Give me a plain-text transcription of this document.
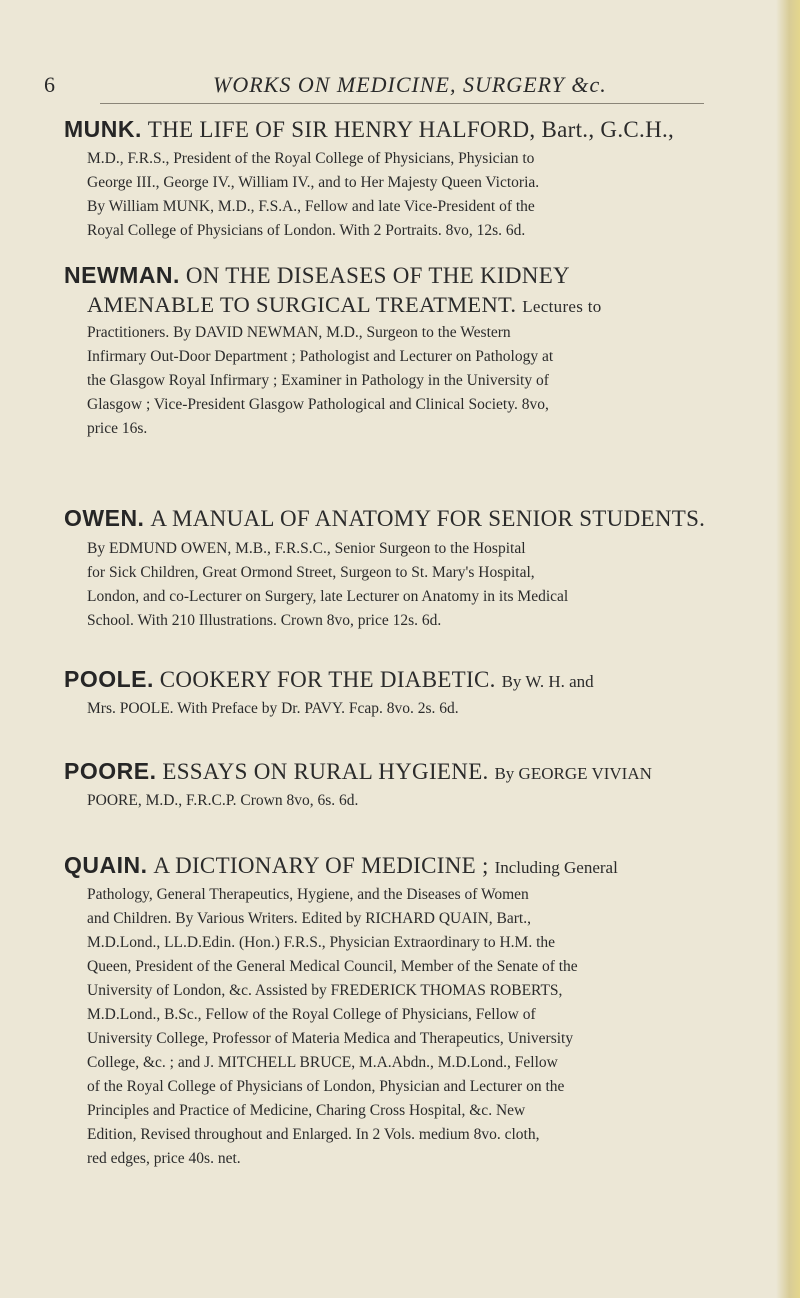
6	WORKS ON MEDICINE, SURGERY &c.
MUNK. THE LIFE OF SIR HENRY HALFORD, Bart., G.C.H.,
M.D., F.R.S., President of the Royal College of Physicians, Physician to
George III., George IV., William IV., and to Her Majesty Queen Victoria.
By William MUNK, M.D., F.S.A., Fellow and late Vice-President of the
Royal College of Physicians of London. With 2 Portraits. 8vo, 12s. 6d.
NEWMAN. ON THE DISEASES OF THE KIDNEY
AMENABLE TO SURGICAL TREATMENT. Lectures to
Practitioners. By DAVID NEWMAN, M.D., Surgeon to the Western
Infirmary Out-Door Department ; Pathologist and Lecturer on Pathology at
the Glasgow Royal Infirmary ; Examiner in Pathology in the University of
Glasgow ; Vice-President Glasgow Pathological and Clinical Society. 8vo,
price 16s.
OWEN. A MANUAL OF ANATOMY FOR SENIOR STUDENTS.
By EDMUND OWEN, M.B., F.R.S.C., Senior Surgeon to the Hospital
for Sick Children, Great Ormond Street, Surgeon to St. Mary's Hospital,
London, and co-Lecturer on Surgery, late Lecturer on Anatomy in its Medical
School. With 210 Illustrations. Crown 8vo, price 12s. 6d.
POOLE. COOKERY FOR THE DIABETIC. By W. H. and
Mrs. POOLE. With Preface by Dr. PAVY. Fcap. 8vo. 2s. 6d.
POORE. ESSAYS ON RURAL HYGIENE. By GEORGE VIVIAN
POORE, M.D., F.R.C.P. Crown 8vo, 6s. 6d.
QUAIN. A DICTIONARY OF MEDICINE ; Including General
Pathology, General Therapeutics, Hygiene, and the Diseases of Women
and Children. By Various Writers. Edited by RICHARD QUAIN, Bart.,
M.D.Lond., LL.D.Edin. (Hon.) F.R.S., Physician Extraordinary to H.M. the
Queen, President of the General Medical Council, Member of the Senate of the
University of London, &c. Assisted by FREDERICK THOMAS ROBERTS,
M.D.Lond., B.Sc., Fellow of the Royal College of Physicians, Fellow of
University College, Professor of Materia Medica and Therapeutics, University
College, &c. ; and J. MITCHELL BRUCE, M.A.Abdn., M.D.Lond., Fellow
of the Royal College of Physicians of London, Physician and Lecturer on the
Principles and Practice of Medicine, Charing Cross Hospital, &c. New
Edition, Revised throughout and Enlarged. In 2 Vols. medium 8vo. cloth,
red edges, price 40s. net.
